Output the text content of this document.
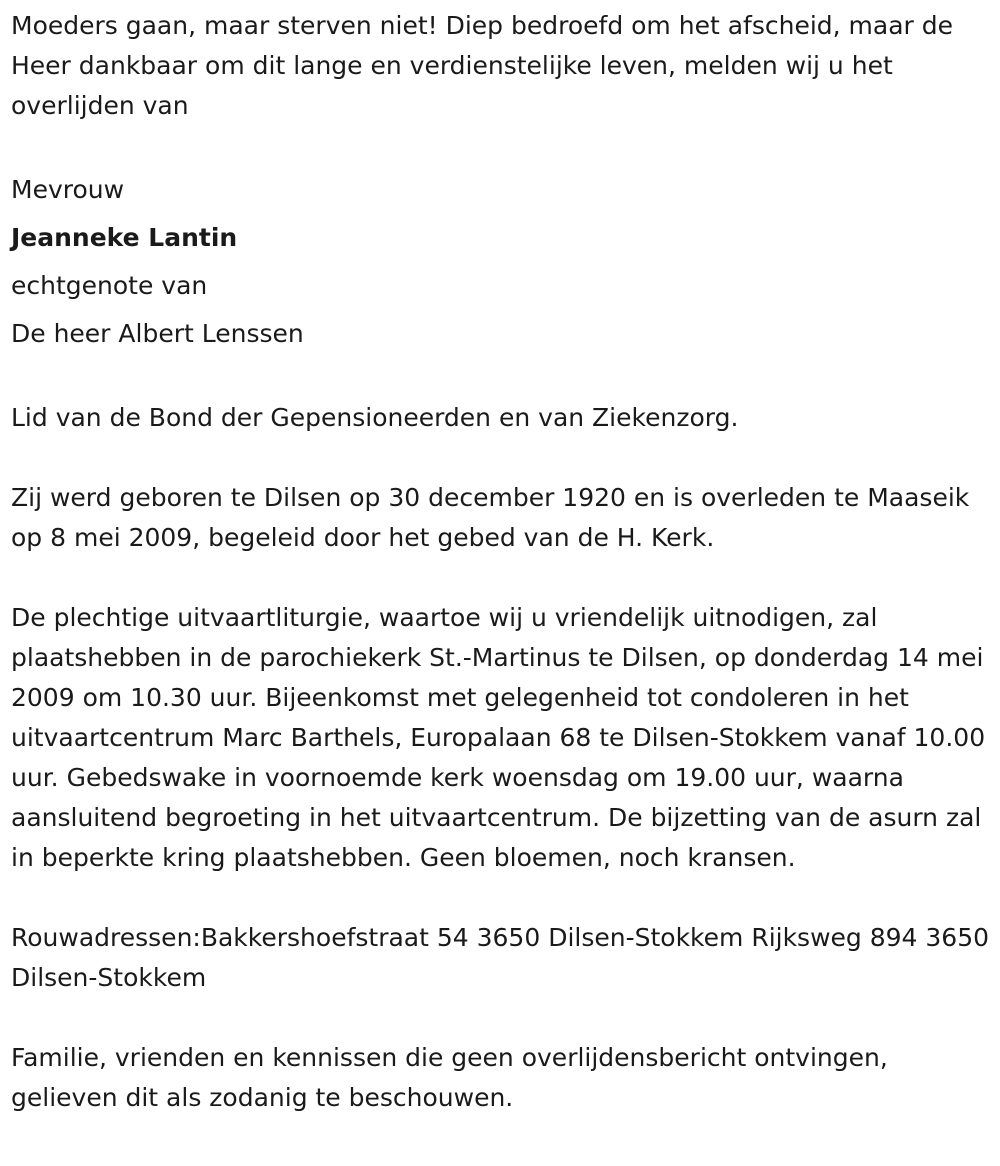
Moeders gaan, maar sterven niet! Diep bedroefd om het afscheid, maar de Heer dankbaar om dit lange en verdienstelijke leven, melden wij u het overlijden van

Mevrouw

Jeanneke Lantin

echtgenote van

De heer Albert Lenssen

Lid van de Bond der Gepensioneerden en van Ziekenzorg.

Zij werd geboren te Dilsen op 30 december 1920 en is overleden te Maaseik op 8 mei 2009, begeleid door het gebed van de H. Kerk.

De plechtige uitvaartliturgie, waartoe wij u vriendelijk uitnodigen, zal plaatshebben in de parochiekerk St.-Martinus te Dilsen, op donderdag 14 mei 2009 om 10.30 uur. Bijeenkomst met gelegenheid tot condoleren in het uitvaartcentrum Marc Barthels, Europalaan 68 te Dilsen-Stokkem vanaf 10.00 uur. Gebedswake in voornoemde kerk woensdag om 19.00 uur, waarna aansluitend begroeting in het uitvaartcentrum. De bijzetting van de asurn zal in beperkte kring plaatshebben. Geen bloemen, noch kransen.

Rouwadressen:Bakkershoefstraat 54 3650 Dilsen-Stokkem Rijksweg 894 3650 Dilsen-Stokkem

Familie, vrienden en kennissen die geen overlijdensbericht ontvingen, gelieven dit als zodanig te beschouwen.
